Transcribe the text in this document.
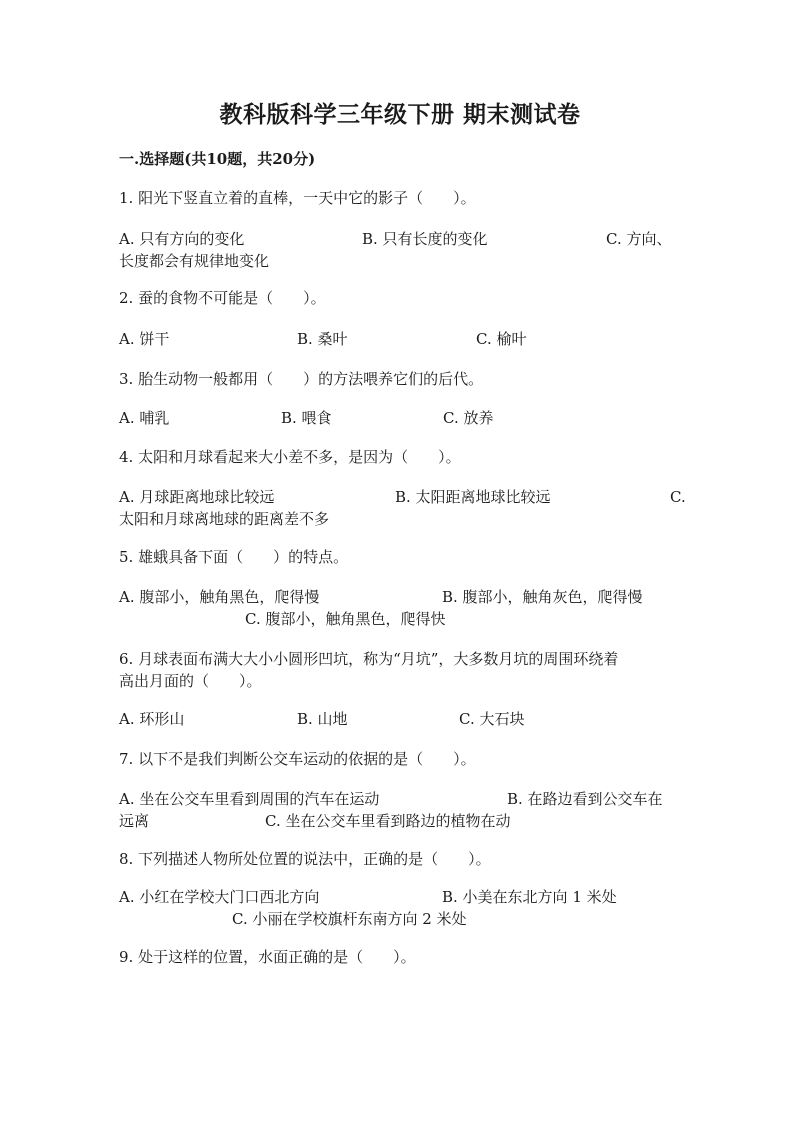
教科版科学三年级下册 期末测试卷
一.选择题(共10题，共20分)
1. 阳光下竖直立着的直棒，一天中它的影子（　　）。
A. 只有方向的变化	B. 只有长度的变化	C. 方向、
长度都会有规律地变化
2. 蚕的食物不可能是（　　）。
A. 饼干	B. 桑叶	C. 榆叶
3. 胎生动物一般都用（　　）的方法喂养它们的后代。
A. 哺乳	B. 喂食	C. 放养
4. 太阳和月球看起来大小差不多，是因为（　　）。
A. 月球距离地球比较远	B. 太阳距离地球比较远	C.
太阳和月球离地球的距离差不多
5. 雄蛾具备下面（　　）的特点。
A. 腹部小，触角黑色，爬得慢	B. 腹部小，触角灰色，爬得慢
C. 腹部小，触角黑色，爬得快
6. 月球表面布满大大小小圆形凹坑，称为“月坑”，大多数月坑的周围环绕着
高出月面的（　　）。
A. 环形山	B. 山地	C. 大石块
7. 以下不是我们判断公交车运动的依据的是（　　）。
A. 坐在公交车里看到周围的汽车在运动	B. 在路边看到公交车在
远离	C. 坐在公交车里看到路边的植物在动
8. 下列描述人物所处位置的说法中，正确的是（　　）。
A. 小红在学校大门口西北方向	B. 小美在东北方向 1 米处
C. 小丽在学校旗杆东南方向 2 米处
9. 处于这样的位置，水面正确的是（　　）。
